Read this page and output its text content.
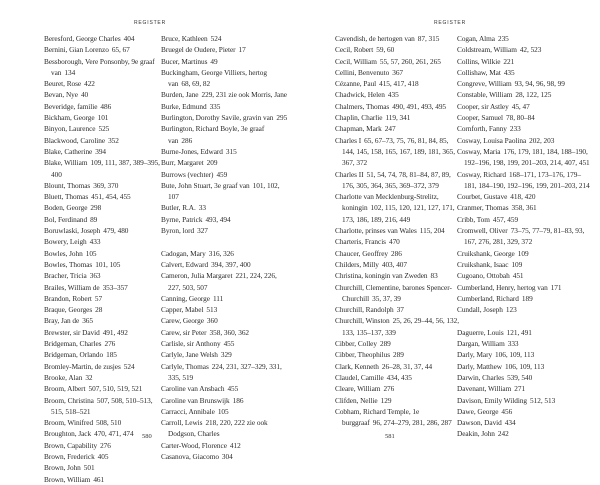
REGISTER
Beresford, George Charles 404
Bernini, Gian Lorenzo 65, 67
Bessborough, Vere Ponsonby, 9e graaf van 134
Beuret, Rose 422
Bevan, Nye 40
Beveridge, familie 486
Bickham, George 101
Binyon, Laurence 525
Blackwood, Caroline 352
Blake, Catherine 394
Blake, William 109, 111, 387, 389–395, 400
Blount, Thomas 369, 370
Bluett, Thomas 451, 454, 455
Boden, George 298
Bol, Ferdinand 89
Boruwlaski, Joseph 479, 480
Bowery, Leigh 433
Bowles, John 105
Bowles, Thomas 101, 105
Bracher, Tricia 363
Brailes, William de 353–357
Brandon, Robert 57
Braque, Georges 28
Bray, Jan de 365
Brewster, sir David 491, 492
Bridgeman, Charles 276
Bridgeman, Orlando 185
Bromley-Martin, de zusjes 524
Brooke, Alan 32
Broom, Albert 507, 510, 519, 521
Broom, Christina 507, 508, 510–513, 515, 518–521
Broom, Winifred 508, 510
Broughton, Jack 470, 471, 474
Brown, Capability 276
Brown, Frederick 405
Brown, John 501
Brown, William 461
Bruce, Kathleen 524
Bruegel de Oudere, Pieter 17
Bucer, Martinus 49
Buckingham, George Villiers, hertog van 68, 69, 82
Burden, Jane 229, 231 zie ook Morris, Jane
Burke, Edmund 335
Burlington, Dorothy Savile, gravin van 295
Burlington, Richard Boyle, 3e graaf van 286
Burne-Jones, Edward 315
Burr, Margaret 209
Burrows (vechter) 459
Bute, John Stuart, 3e graaf van 101, 102, 107
Butler, R.A. 33
Byrne, Patrick 493, 494
Byron, lord 327
Cadogan, Mary 316, 326
Calvert, Edward 394, 397, 400
Cameron, Julia Margaret 221, 224, 226, 227, 503, 507
Canning, George 111
Capper, Mabel 513
Carew, George 360
Carew, sir Peter 358, 360, 362
Carlisle, sir Anthony 455
Carlyle, Jane Welsh 329
Carlyle, Thomas 224, 231, 327–329, 331, 335, 519
Caroline van Ansbach 455
Caroline van Brunswijk 186
Carracci, Annibale 105
Carroll, Lewis 218, 220, 222 zie ook Dodgson, Charles
Carter-Wood, Florence 412
Casanova, Giacomo 304
580
REGISTER
Cavendish, de hertogen van 87, 315
Cecil, Robert 59, 60
Cecil, William 55, 57, 260, 261, 265
Cellini, Benvenuto 367
Cézanne, Paul 415, 417, 418
Chadwick, Helen 435
Chalmers, Thomas 490, 491, 493, 495
Chaplin, Charlie 119, 341
Chapman, Mark 247
Charles I 65, 67–73, 75, 76, 81, 84, 85, 144, 145, 158, 165, 167, 189, 181, 365, 367, 372
Charles II 51, 54, 74, 78, 81–84, 87, 89, 176, 305, 364, 365, 369–372, 379
Charlotte van Mecklenburg-Strelitz, koningin 102, 115, 120, 121, 127, 171, 173, 186, 189, 216, 449
Charlotte, prinses van Wales 115, 204
Charteris, Francis 470
Chaucer, Geoffrey 286
Childers, Milly 403, 407
Christina, koningin van Zweden 83
Churchill, Clementine, barones Spencer-Churchill 35, 37, 39
Churchill, Randolph 37
Churchill, Winston 25, 26, 29–44, 56, 132, 133, 135–137, 339
Cibber, Colley 289
Cibber, Theophilus 289
Clark, Kenneth 26–28, 31, 37, 44
Claudel, Camille 434, 435
Cleare, William 276
Clifden, Nellie 129
Cobham, Richard Temple, 1e burggraaf 96, 274–279, 281, 286, 287
Cogan, Alma 235
Coldstream, William 42, 523
Collins, Wilkie 221
Collishaw, Mat 435
Congreve, William 93, 94, 96, 98, 99
Constable, William 28, 122, 125
Cooper, sir Astley 45, 47
Cooper, Samuel 78, 80–84
Cornforth, Fanny 233
Cosway, Louisa Paolina 202, 203
Cosway, Maria 176, 179, 181, 184, 188–190, 192–196, 198, 199, 201–203, 214, 407, 451
Cosway, Richard 168–171, 173–176, 179–181, 184–190, 192–196, 199, 201–203, 214
Courbet, Gustave 418, 420
Cranmer, Thomas 358, 361
Cribb, Tom 457, 459
Cromwell, Oliver 73–75, 77–79, 81–83, 93, 167, 276, 281, 329, 372
Cruikshank, George 109
Cruikshank, Isaac 109
Cugoano, Ottobah 451
Cumberland, Henry, hertog van 171
Cumberland, Richard 189
Cundall, Joseph 123
Daguerre, Louis 121, 491
Dargan, William 333
Darly, Mary 106, 109, 113
Darly, Matthew 106, 109, 113
Darwin, Charles 539, 540
Davenant, William 271
Davison, Emily Wilding 512, 513
Dawe, George 456
Dawson, David 434
Deakin, John 242
581
